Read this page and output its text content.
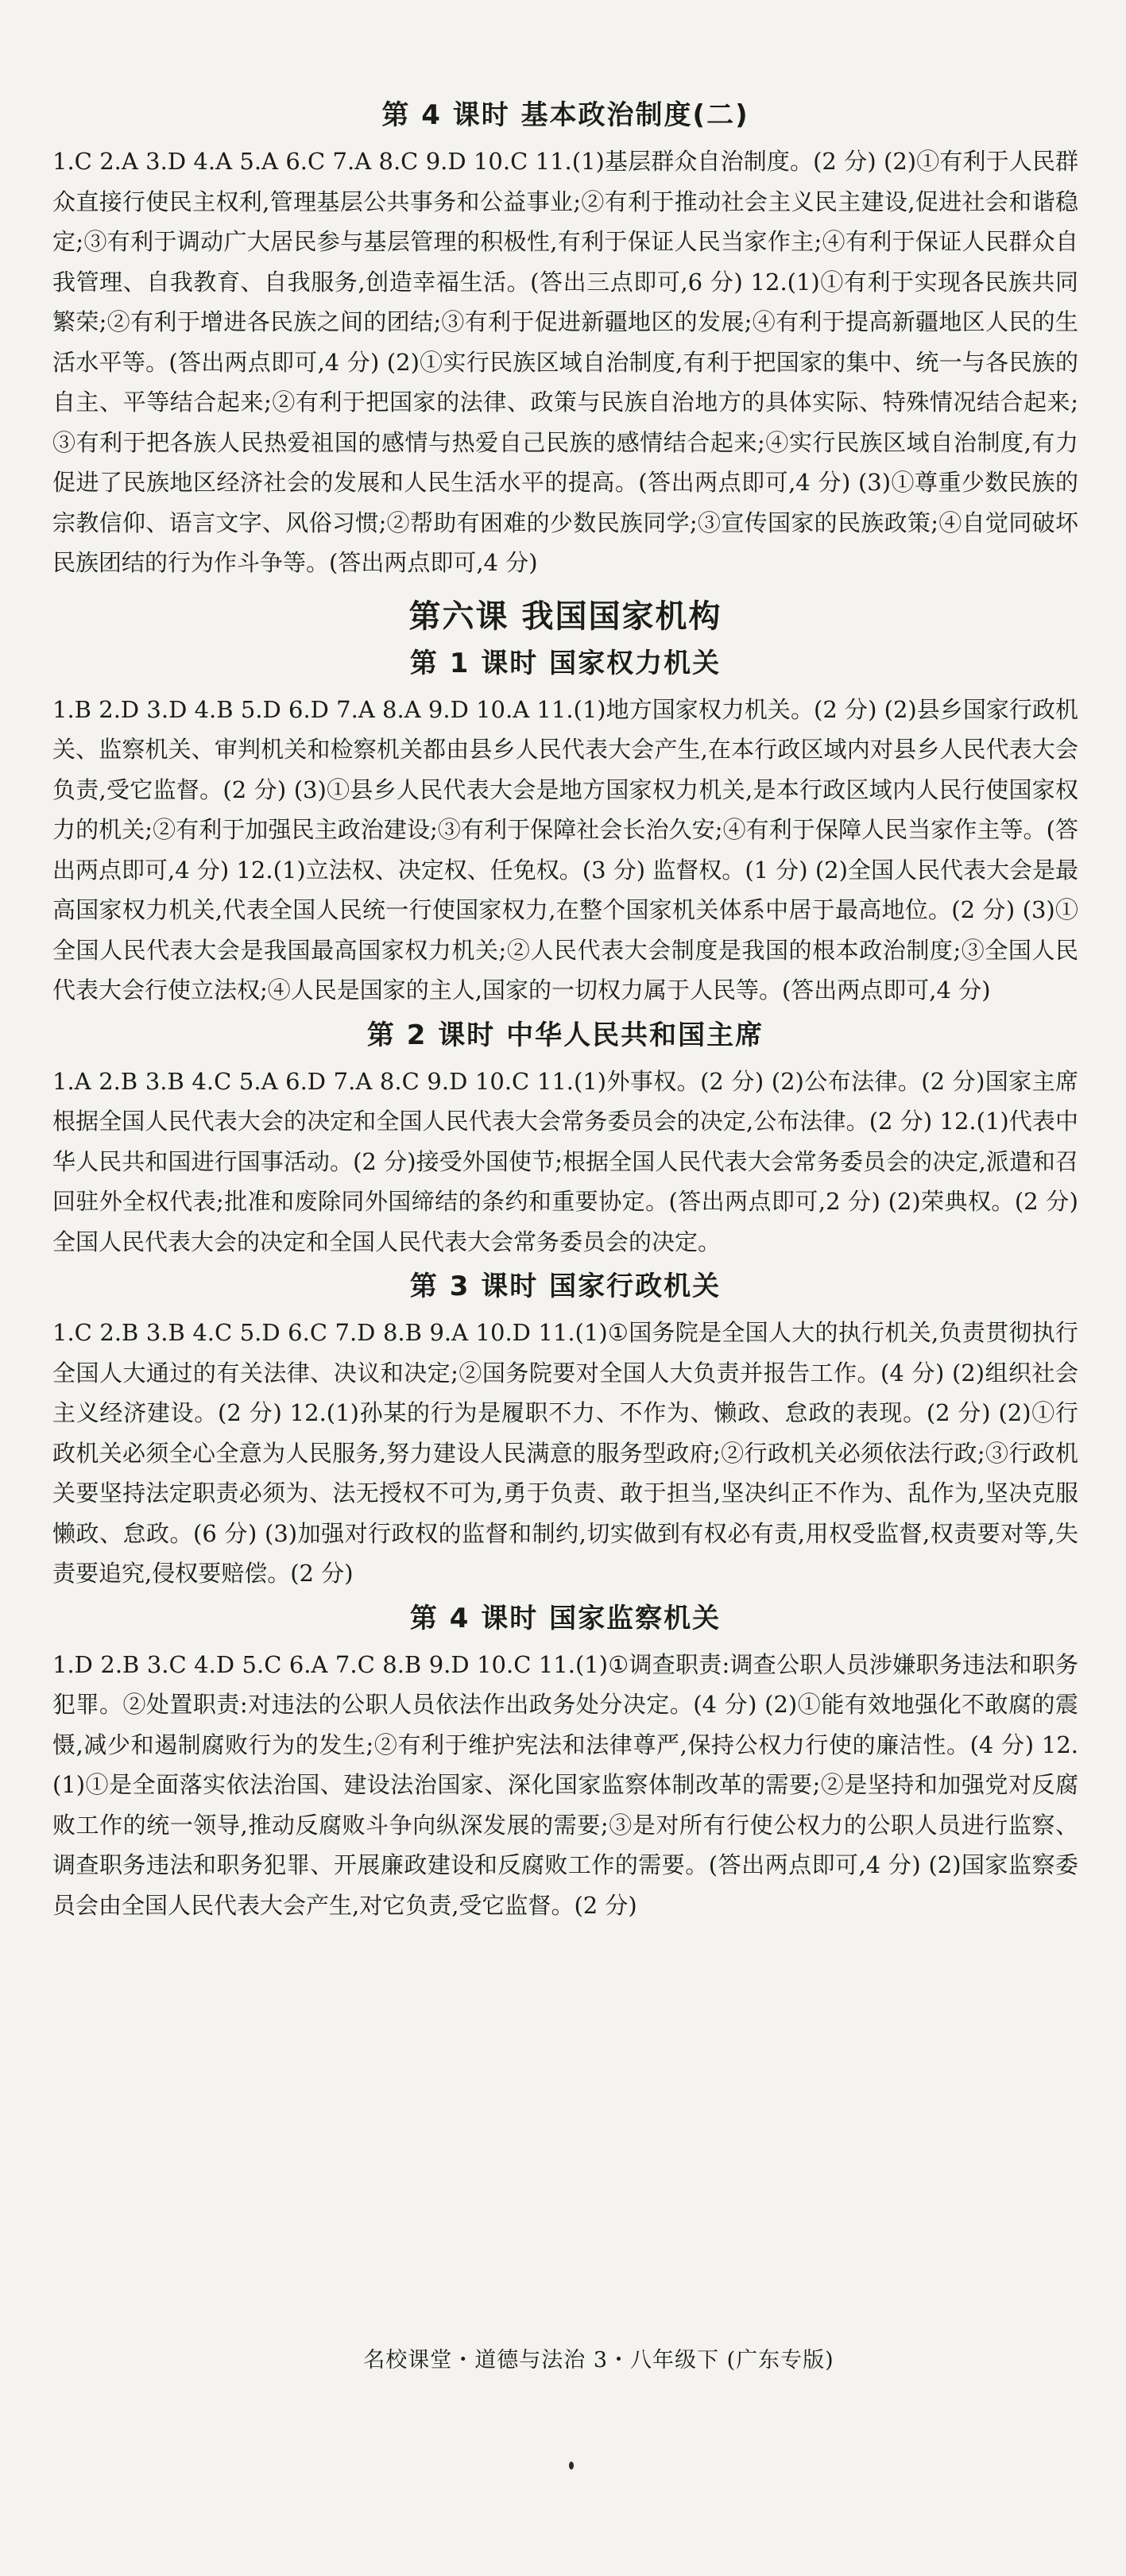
第 4 课时 基本政治制度(二)

1.C 2.A 3.D 4.A 5.A 6.C 7.A 8.C 9.D 10.C 11.(1)基层群众自治制度。(2 分) (2)①有利于人民群众直接行使民主权利,管理基层公共事务和公益事业;②有利于推动社会主义民主建设,促进社会和谐稳定;③有利于调动广大居民参与基层管理的积极性,有利于保证人民当家作主;④有利于保证人民群众自我管理、自我教育、自我服务,创造幸福生活。(答出三点即可,6 分) 12.(1)①有利于实现各民族共同繁荣;②有利于增进各民族之间的团结;③有利于促进新疆地区的发展;④有利于提高新疆地区人民的生活水平等。(答出两点即可,4 分) (2)①实行民族区域自治制度,有利于把国家的集中、统一与各民族的自主、平等结合起来;②有利于把国家的法律、政策与民族自治地方的具体实际、特殊情况结合起来;③有利于把各族人民热爱祖国的感情与热爱自己民族的感情结合起来;④实行民族区域自治制度,有力促进了民族地区经济社会的发展和人民生活水平的提高。(答出两点即可,4 分) (3)①尊重少数民族的宗教信仰、语言文字、风俗习惯;②帮助有困难的少数民族同学;③宣传国家的民族政策;④自觉同破坏民族团结的行为作斗争等。(答出两点即可,4 分)

第六课 我国国家机构
第 1 课时 国家权力机关

1.B 2.D 3.D 4.B 5.D 6.D 7.A 8.A 9.D 10.A 11.(1)地方国家权力机关。(2 分) (2)县乡国家行政机关、监察机关、审判机关和检察机关都由县乡人民代表大会产生,在本行政区域内对县乡人民代表大会负责,受它监督。(2 分) (3)①县乡人民代表大会是地方国家权力机关,是本行政区域内人民行使国家权力的机关;②有利于加强民主政治建设;③有利于保障社会长治久安;④有利于保障人民当家作主等。(答出两点即可,4 分) 12.(1)立法权、决定权、任免权。(3 分) 监督权。(1 分) (2)全国人民代表大会是最高国家权力机关,代表全国人民统一行使国家权力,在整个国家机关体系中居于最高地位。(2 分) (3)①全国人民代表大会是我国最高国家权力机关;②人民代表大会制度是我国的根本政治制度;③全国人民代表大会行使立法权;④人民是国家的主人,国家的一切权力属于人民等。(答出两点即可,4 分)

第 2 课时 中华人民共和国主席

1.A 2.B 3.B 4.C 5.A 6.D 7.A 8.C 9.D 10.C 11.(1)外事权。(2 分) (2)公布法律。(2 分)国家主席根据全国人民代表大会的决定和全国人民代表大会常务委员会的决定,公布法律。(2 分) 12.(1)代表中华人民共和国进行国事活动。(2 分)接受外国使节;根据全国人民代表大会常务委员会的决定,派遣和召回驻外全权代表;批准和废除同外国缔结的条约和重要协定。(答出两点即可,2 分) (2)荣典权。(2 分)全国人民代表大会的决定和全国人民代表大会常务委员会的决定。

第 3 课时 国家行政机关

1.C 2.B 3.B 4.C 5.D 6.C 7.D 8.B 9.A 10.D 11.(1)①国务院是全国人大的执行机关,负责贯彻执行全国人大通过的有关法律、决议和决定;②国务院要对全国人大负责并报告工作。(4 分) (2)组织社会主义经济建设。(2 分) 12.(1)孙某的行为是履职不力、不作为、懒政、怠政的表现。(2 分) (2)①行政机关必须全心全意为人民服务,努力建设人民满意的服务型政府;②行政机关必须依法行政;③行政机关要坚持法定职责必须为、法无授权不可为,勇于负责、敢于担当,坚决纠正不作为、乱作为,坚决克服懒政、怠政。(6 分) (3)加强对行政权的监督和制约,切实做到有权必有责,用权受监督,权责要对等,失责要追究,侵权要赔偿。(2 分)

第 4 课时 国家监察机关

1.D 2.B 3.C 4.D 5.C 6.A 7.C 8.B 9.D 10.C 11.(1)①调查职责:调查公职人员涉嫌职务违法和职务犯罪。②处置职责:对违法的公职人员依法作出政务处分决定。(4 分) (2)①能有效地强化不敢腐的震慑,减少和遏制腐败行为的发生;②有利于维护宪法和法律尊严,保持公权力行使的廉洁性。(4 分) 12.(1)①是全面落实依法治国、建设法治国家、深化国家监察体制改革的需要;②是坚持和加强党对反腐败工作的统一领导,推动反腐败斗争向纵深发展的需要;③是对所有行使公权力的公职人员进行监察、调查职务违法和职务犯罪、开展廉政建设和反腐败工作的需要。(答出两点即可,4 分) (2)国家监察委员会由全国人民代表大会产生,对它负责,受它监督。(2 分)

名校课堂・道德与法治 3・八年级下 (广东专版)
